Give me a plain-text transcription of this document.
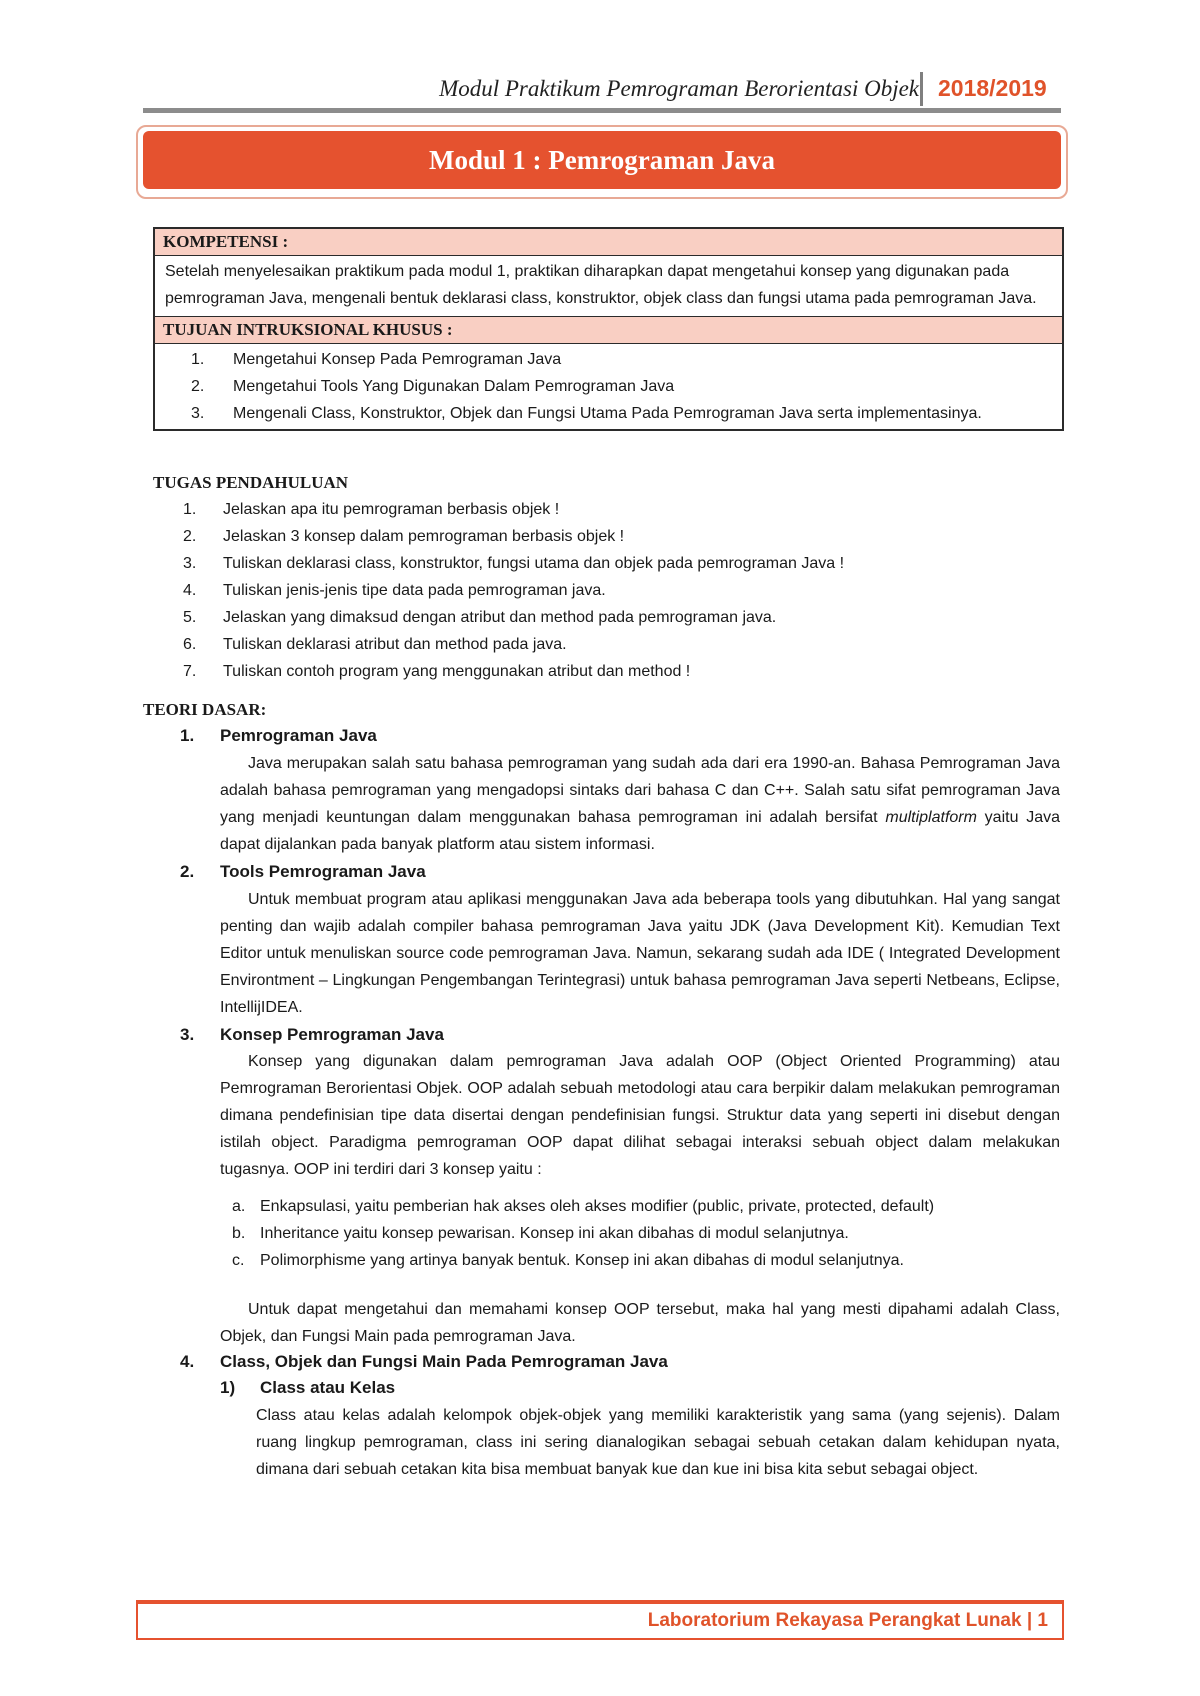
Modul Praktikum Pemrograman Berorientasi Objek 2018/2019
Modul 1 : Pemrograman Java
KOMPETENSI :
Setelah menyelesaikan praktikum pada modul 1, praktikan diharapkan dapat mengetahui konsep yang digunakan pada pemrograman Java, mengenali bentuk deklarasi class, konstruktor, objek class dan fungsi utama pada pemrograman Java.
TUJUAN INTRUKSIONAL KHUSUS :
1.	Mengetahui Konsep Pada Pemrograman Java
2.	Mengetahui Tools Yang Digunakan Dalam Pemrograman Java
3.	Mengenali Class, Konstruktor, Objek dan Fungsi Utama Pada Pemrograman Java serta implementasinya.
TUGAS PENDAHULUAN
1.	Jelaskan apa itu pemrograman berbasis objek !
2.	Jelaskan 3 konsep dalam pemrograman berbasis objek !
3.	Tuliskan deklarasi class, konstruktor, fungsi utama dan objek pada pemrograman Java !
4.	Tuliskan jenis-jenis tipe data pada pemrograman java.
5.	Jelaskan yang dimaksud dengan atribut dan method pada pemrograman java.
6.	Tuliskan deklarasi atribut dan method pada java.
7.	Tuliskan contoh program yang menggunakan atribut dan method !
TEORI DASAR:
1. Pemrograman Java

Java merupakan salah satu bahasa pemrograman yang sudah ada dari era 1990-an. Bahasa Pemrograman Java adalah bahasa pemrograman yang mengadopsi sintaks dari bahasa C dan C++. Salah satu sifat pemrograman Java yang menjadi keuntungan dalam menggunakan bahasa pemrograman ini adalah bersifat multiplatform yaitu Java dapat dijalankan pada banyak platform atau sistem informasi.

2. Tools Pemrograman Java

Untuk membuat program atau aplikasi menggunakan Java ada beberapa tools yang dibutuhkan. Hal yang sangat penting dan wajib adalah compiler bahasa pemrograman Java yaitu JDK (Java Development Kit). Kemudian Text Editor untuk menuliskan source code pemrograman Java. Namun, sekarang sudah ada IDE ( Integrated Development Environtment – Lingkungan Pengembangan Terintegrasi) untuk bahasa pemrograman Java seperti Netbeans, Eclipse, IntellijIDEA.

3. Konsep Pemrograman Java

Konsep yang digunakan dalam pemrograman Java adalah OOP (Object Oriented Programming) atau Pemrograman Berorientasi Objek. OOP adalah sebuah metodologi atau cara berpikir dalam melakukan pemrograman dimana pendefinisian tipe data disertai dengan pendefinisian fungsi. Struktur data yang seperti ini disebut dengan istilah object. Paradigma pemrograman OOP dapat dilihat sebagai interaksi sebuah object dalam melakukan tugasnya. OOP ini terdiri dari 3 konsep yaitu :

a. Enkapsulasi, yaitu pemberian hak akses oleh akses modifier (public, private, protected, default)
b. Inheritance yaitu konsep pewarisan. Konsep ini akan dibahas di modul selanjutnya.
c. Polimorphisme yang artinya banyak bentuk. Konsep ini akan dibahas di modul selanjutnya.

Untuk dapat mengetahui dan memahami konsep OOP tersebut, maka hal yang mesti dipahami adalah Class, Objek, dan Fungsi Main pada pemrograman Java.

4. Class, Objek dan Fungsi Main Pada Pemrograman Java
1) Class atau Kelas

Class atau kelas adalah kelompok objek-objek yang memiliki karakteristik yang sama (yang sejenis). Dalam ruang lingkup pemrograman, class ini sering dianalogikan sebagai sebuah cetakan dalam kehidupan nyata, dimana dari sebuah cetakan kita bisa membuat banyak kue dan kue ini bisa kita sebut sebagai object.

Laboratorium Rekayasa Perangkat Lunak | 1
